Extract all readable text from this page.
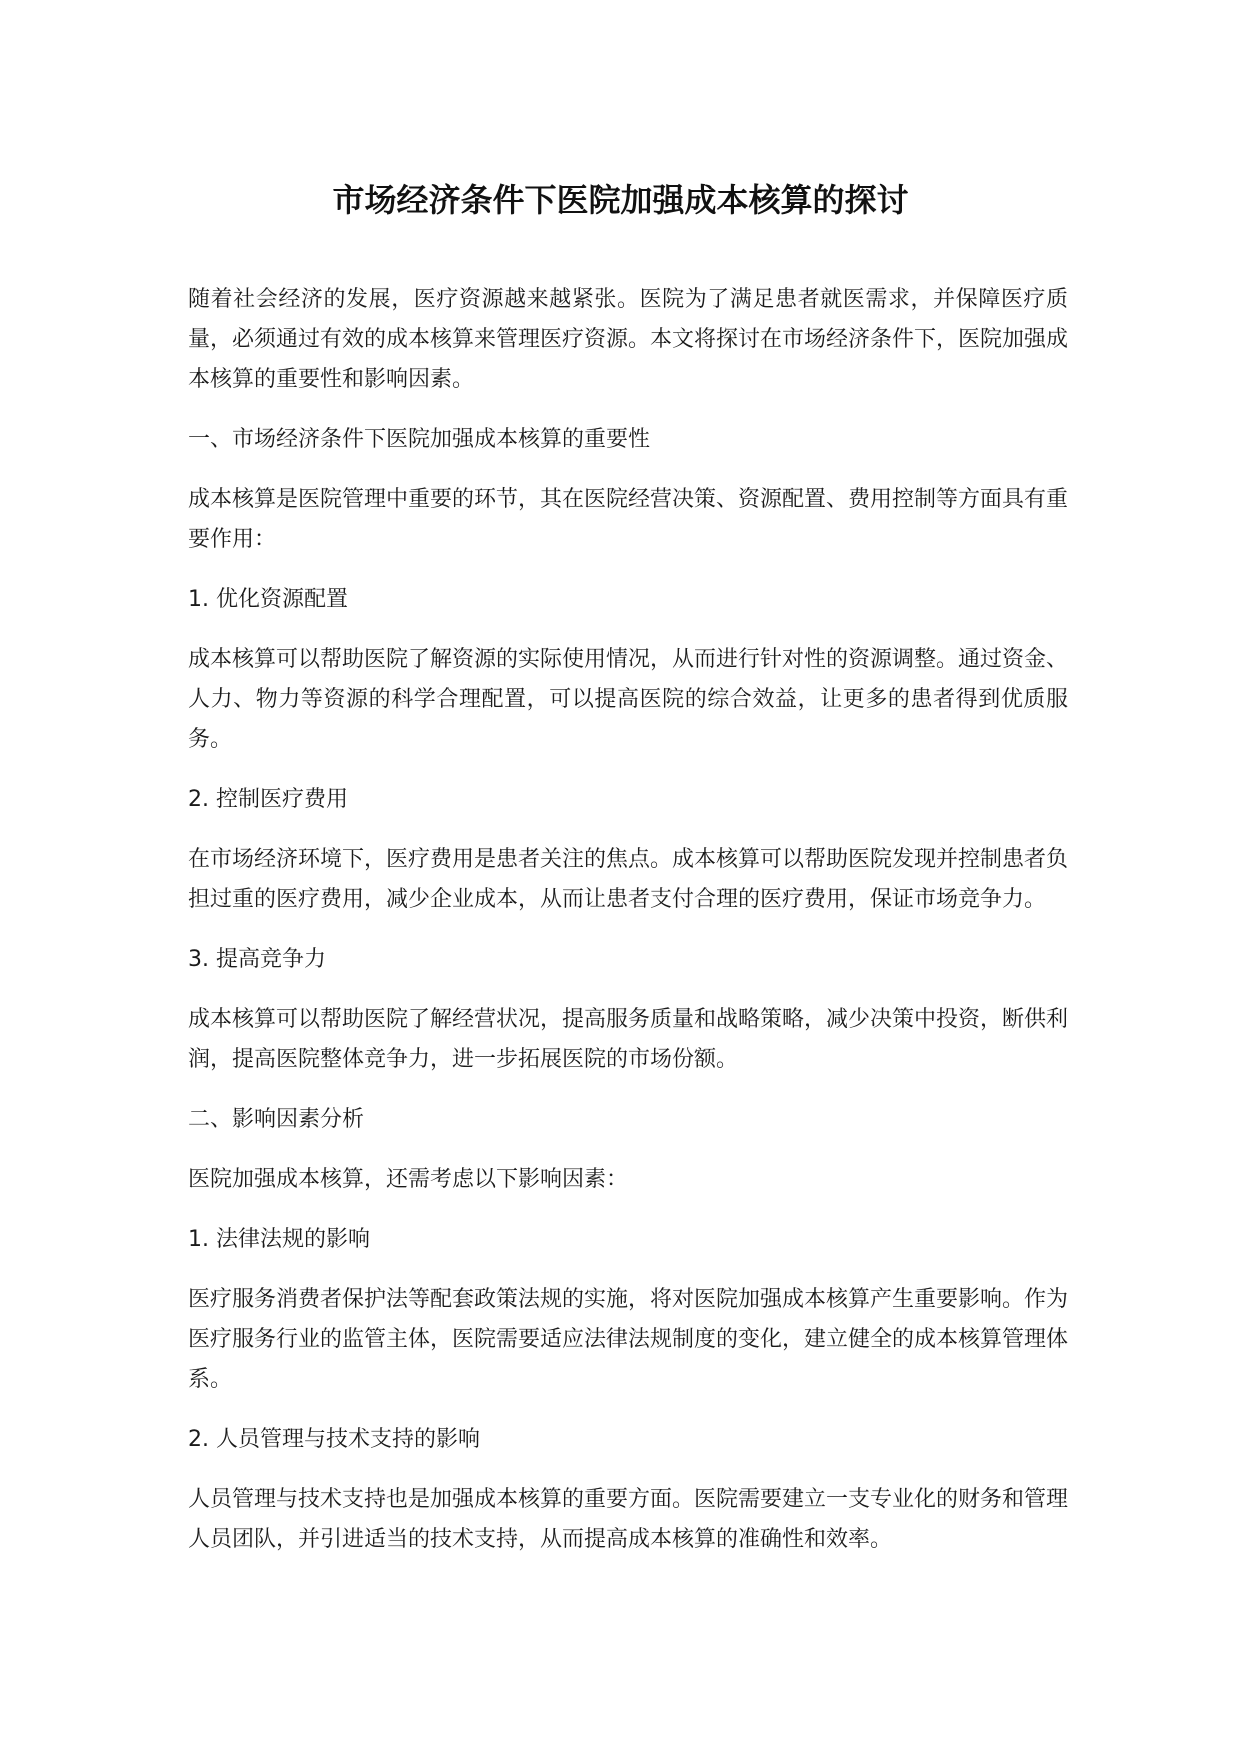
市场经济条件下医院加强成本核算的探讨

随着社会经济的发展，医疗资源越来越紧张。医院为了满足患者就医需求，并保障医疗质量，必须通过有效的成本核算来管理医疗资源。本文将探讨在市场经济条件下，医院加强成本核算的重要性和影响因素。

一、市场经济条件下医院加强成本核算的重要性

成本核算是医院管理中重要的环节，其在医院经营决策、资源配置、费用控制等方面具有重要作用：

1. 优化资源配置

成本核算可以帮助医院了解资源的实际使用情况，从而进行针对性的资源调整。通过资金、人力、物力等资源的科学合理配置，可以提高医院的综合效益，让更多的患者得到优质服务。

2. 控制医疗费用

在市场经济环境下，医疗费用是患者关注的焦点。成本核算可以帮助医院发现并控制患者负担过重的医疗费用，减少企业成本，从而让患者支付合理的医疗费用，保证市场竞争力。

3. 提高竞争力

成本核算可以帮助医院了解经营状况，提高服务质量和战略策略，减少决策中投资，断供利润，提高医院整体竞争力，进一步拓展医院的市场份额。

二、影响因素分析

医院加强成本核算，还需考虑以下影响因素：

1. 法律法规的影响

医疗服务消费者保护法等配套政策法规的实施，将对医院加强成本核算产生重要影响。作为医疗服务行业的监管主体，医院需要适应法律法规制度的变化，建立健全的成本核算管理体系。

2. 人员管理与技术支持的影响

人员管理与技术支持也是加强成本核算的重要方面。医院需要建立一支专业化的财务和管理人员团队，并引进适当的技术支持，从而提高成本核算的准确性和效率。
